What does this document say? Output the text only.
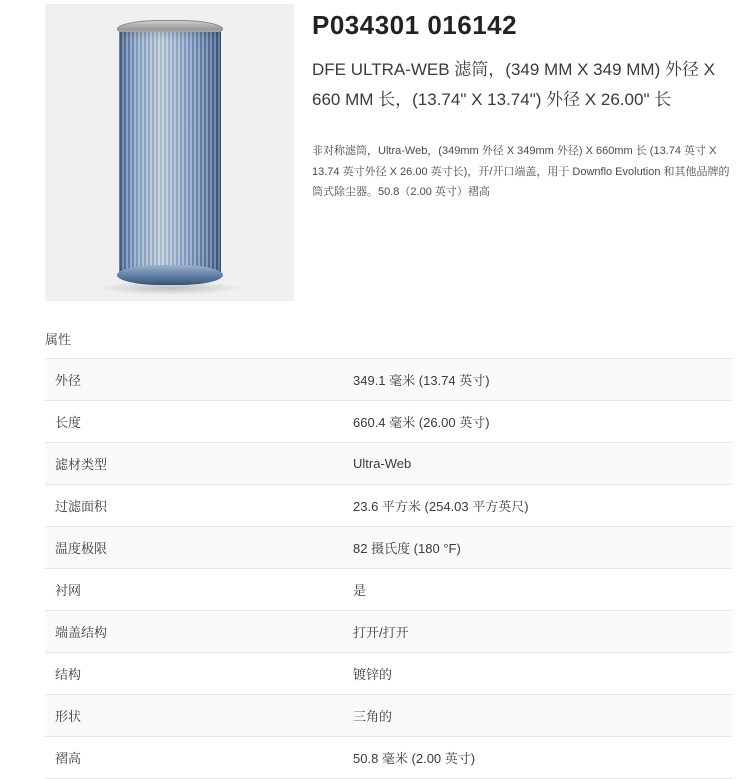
P034301 016142
DFE ULTRA-WEB 滤筒，(349 MM X 349 MM) 外径 X 660 MM 长，(13.74" X 13.74") 外径 X 26.00" 长
非对称滤筒，Ultra-Web，(349mm 外径 X 349mm 外径) X 660mm 长 (13.74 英寸 X 13.74 英寸外径 X 26.00 英寸长)，开/开口端盖，用于 Downflo Evolution 和其他品牌的筒式除尘器。50.8（2.00 英寸）褶高
属性
外径	349.1 毫米 (13.74 英寸)
长度	660.4 毫米 (26.00 英寸)
滤材类型	Ultra-Web
过滤面积	23.6 平方米 (254.03 平方英尺)
温度极限	82 摄氏度 (180 °F)
衬网	是
端盖结构	打开/打开
结构	镀锌的
形状	三角的
褶高	50.8 毫米 (2.00 英寸)
